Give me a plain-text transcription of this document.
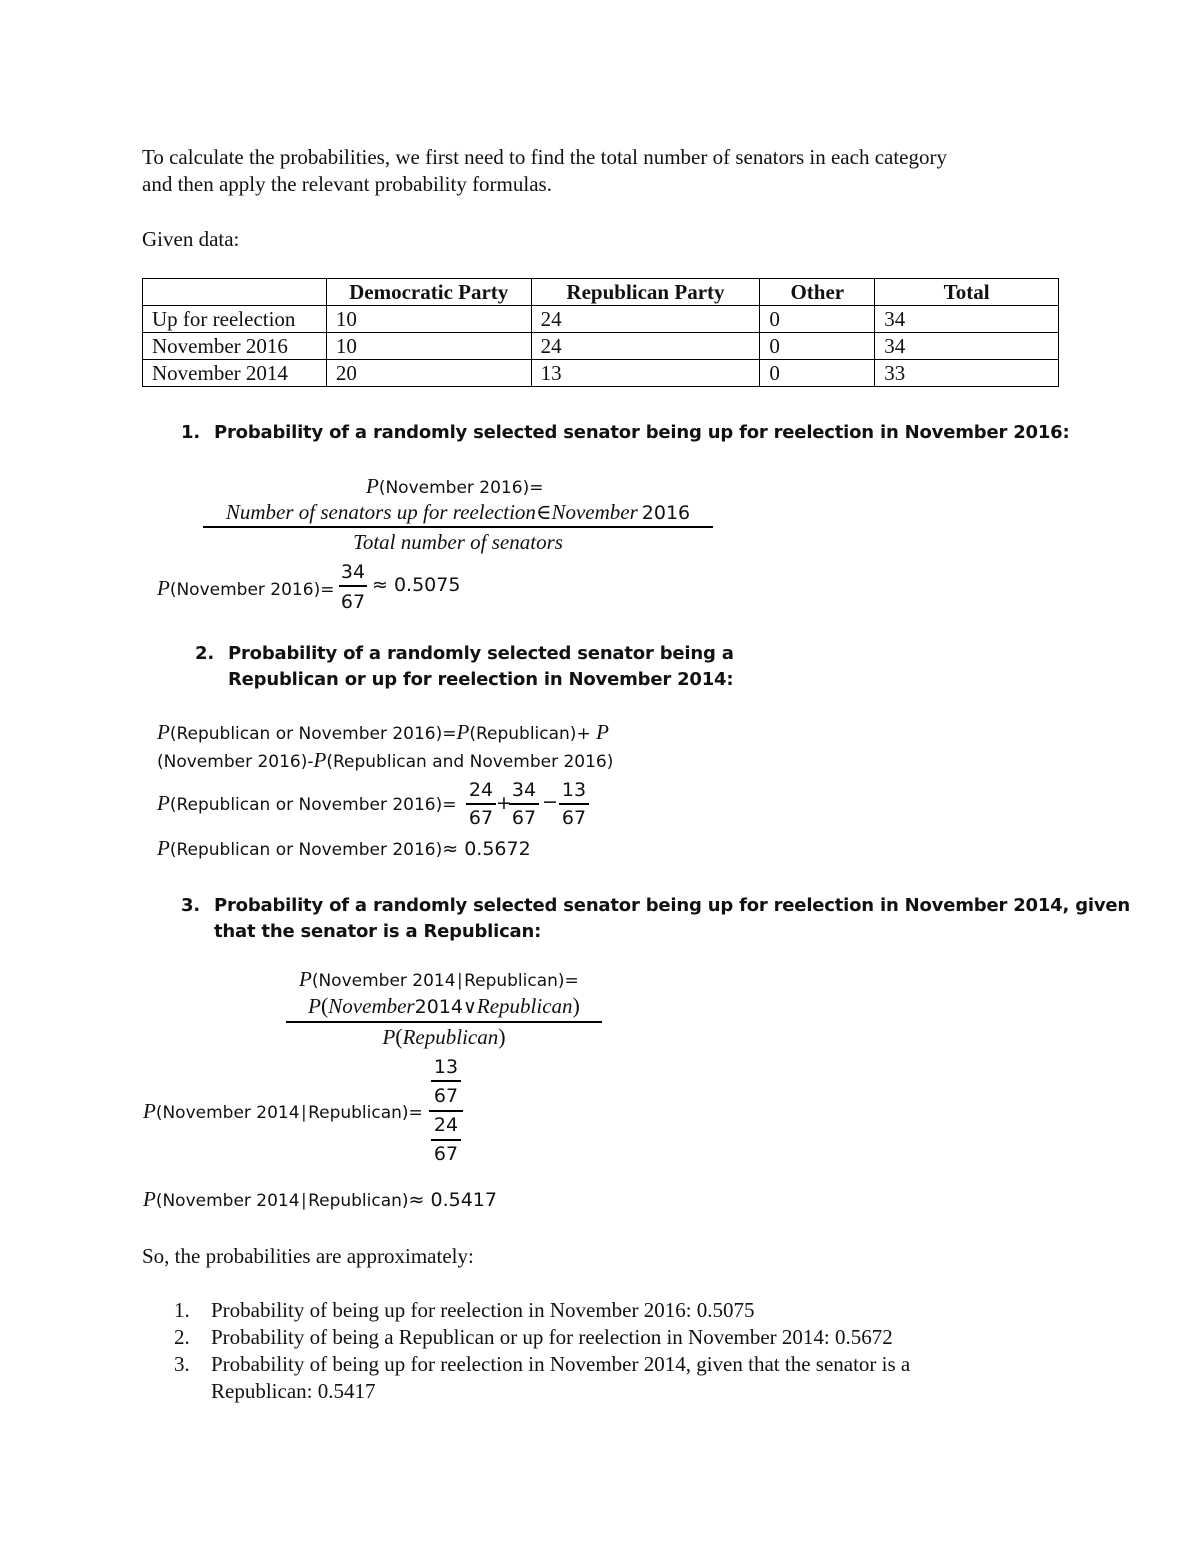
To calculate the probabilities, we first need to find the total number of senators in each category
and then apply the relevant probability formulas.
Given data:
	Democratic Party	Republican Party	Other	Total
Up for reelection	10	24	0	34
November 2016	10	24	0	34
November 2014	20	13	0	33
1. Probability of a randomly selected senator being up for reelection in November 2016:
P(November 2016)=
Number of senators up for reelection∈November 2016
Total number of senators
P(November 2016)=
34
67
≈ 0.5075
2. Probability of a randomly selected senator being a
Republican or up for reelection in November 2014:
P(Republican or November 2016)=P(Republican)+ P
(November 2016)-P(Republican and November 2016)
P(Republican or November 2016)=
24
67
+
34
67
−
13
67
P(Republican or November 2016)≈ 0.5672
3. Probability of a randomly selected senator being up for reelection in November 2014, given
that the senator is a Republican:
P(November 2014∣Republican)=
P(November2014∨Republican)
P(Republican)
P(November 2014∣Republican)=
13
67
24
67
P(November 2014∣Republican)≈ 0.5417
So, the probabilities are approximately:
1. Probability of being up for reelection in November 2016: 0.5075
2. Probability of being a Republican or up for reelection in November 2014: 0.5672
3. Probability of being up for reelection in November 2014, given that the senator is a
Republican: 0.5417
